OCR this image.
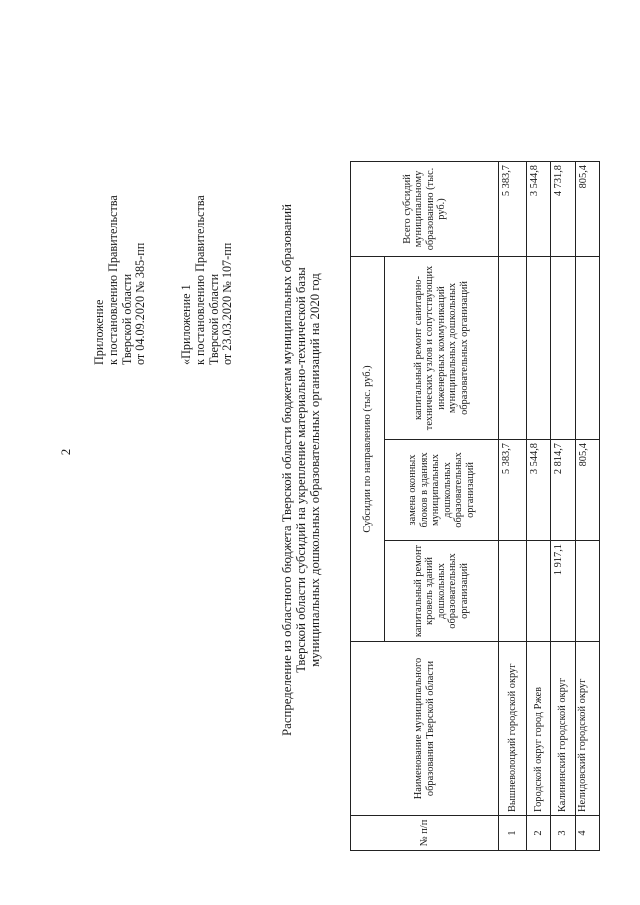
2
Приложение к постановлению Правительства Тверской области от 04.09.2020 № 385-пп	«Приложение 1 к постановлению Правительства Тверской области от 23.03.2020 № 107-пп	Распределение из областного бюджета Тверской области бюджетам муниципальных образований Тверской области субсидий на укрепление материально-технической базы муниципальных дошкольных образовательных организаций на 2020 год
№ п/п	Наименование муниципального образования Тверской области	Субсидии по направлению (тыс. руб.)			Всего субсидий муниципальному образованию (тыс. руб.)
		капитальный ремонт кровель зданий дошкольных образовательных организаций	замена оконных блоков в зданиях муниципальных дошкольных образовательных организаций	капитальный ремонт санитарно-технических узлов и сопутствующих инженерных коммуникаций муниципальных дошкольных образовательных организаций	
1	Вышневолоцкий городской округ		5 383,7		5 383,7
2	Городской округ город Ржев		3 544,8		3 544,8
3	Калининский городской округ	1 917,1	2 814,7		4 731,8
4	Нелидовский городской округ		805,4		805,4
